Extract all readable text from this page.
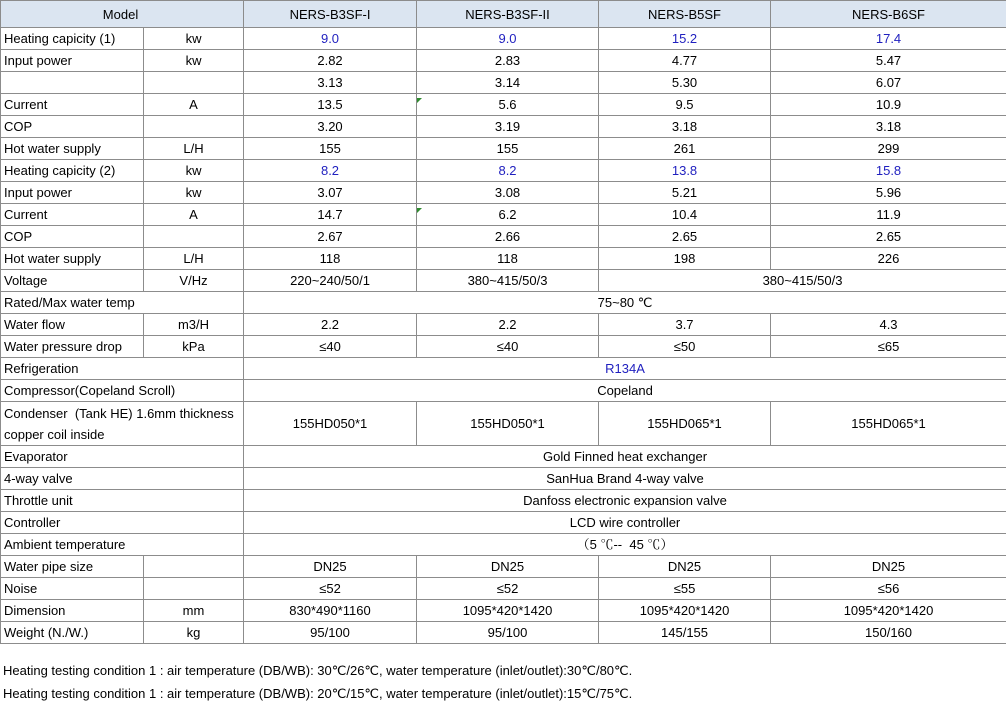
Model		NERS-B3SF-I	NERS-B3SF-II	NERS-B5SF	NERS-B6SF
Heating capicity (1)	kw	9.0	9.0	15.2	17.4
Input power	kw	2.82	2.83	4.77	5.47
		3.13	3.14	5.30	6.07
Current	A	13.5	5.6	9.5	10.9
COP		3.20	3.19	3.18	3.18
Hot water supply	L/H	155	155	261	299
Heating capicity (2)	kw	8.2	8.2	13.8	15.8
Input power	kw	3.07	3.08	5.21	5.96
Current	A	14.7	6.2	10.4	11.9
COP		2.67	2.66	2.65	2.65
Hot water supply	L/H	118	118	198	226
Voltage	V/Hz	220~240/50/1	380~415/50/3	380~415/50/3	
Rated/Max water temp		75~80 ℃			
Water flow	m3/H	2.2	2.2	3.7	4.3
Water pressure drop	kPa	≤40	≤40	≤50	≤65
Refrigeration		R134A			
Compressor(Copeland Scroll)		Copeland			
Condenser  (Tank HE) 1.6mm thickness copper coil inside		155HD050*1	155HD050*1	155HD065*1	155HD065*1
Evaporator		Gold Finned heat exchanger			
4-way valve		SanHua Brand 4-way valve			
Throttle unit		Danfoss electronic expansion valve			
Controller		LCD wire controller			
Ambient temperature		（5 ℃--  45 ℃）			
Water pipe size		DN25	DN25	DN25	DN25
Noise		≤52	≤52	≤55	≤56
Dimension	mm	830*490*1160	1095*420*1420	1095*420*1420	1095*420*1420
Weight (N./W.)	kg	95/100	95/100	145/155	150/160
Heating testing condition 1 : air temperature (DB/WB): 30℃/26℃, water temperature (inlet/outlet):30℃/80℃.
Heating testing condition 1 : air temperature (DB/WB): 20℃/15℃, water temperature (inlet/outlet):15℃/75℃.
